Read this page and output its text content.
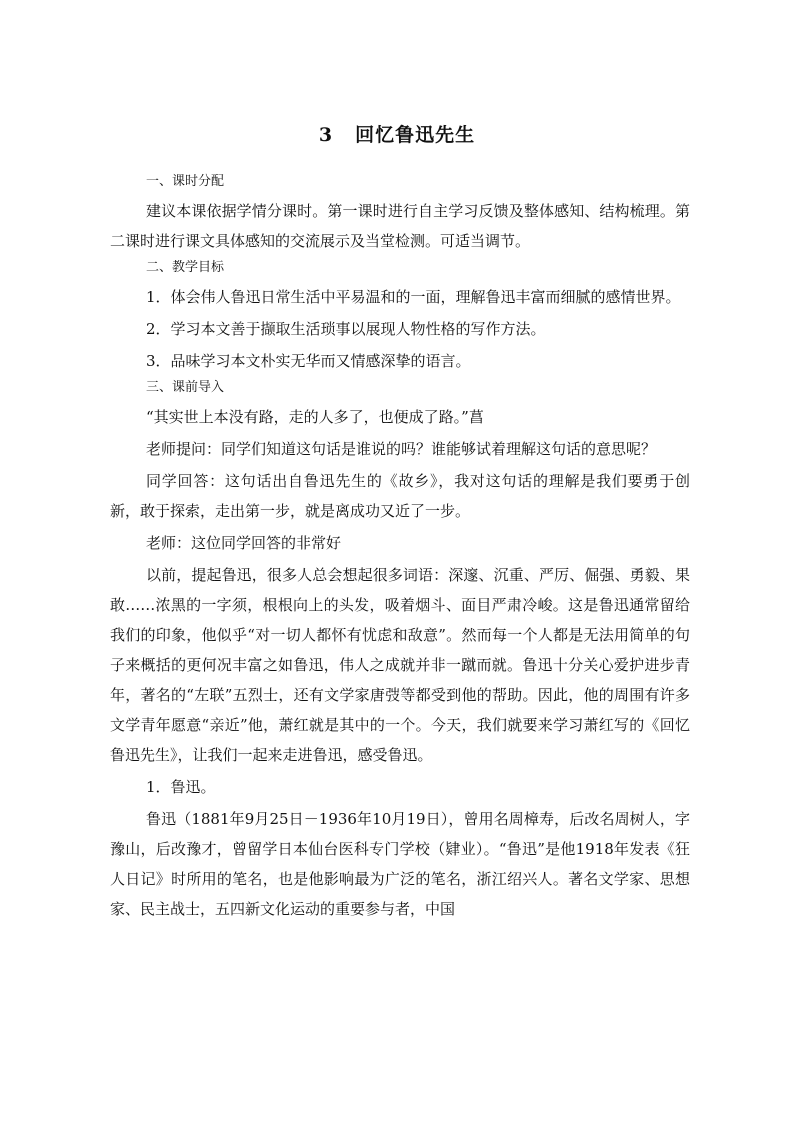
3 回忆鲁迅先生
一、课时分配

建议本课依据学情分课时。第一课时进行自主学习反馈及整体感知、结构梳理。第二课时进行课文具体感知的交流展示及当堂检测。可适当调节。

二、教学目标

1．体会伟人鲁迅日常生活中平易温和的一面，理解鲁迅丰富而细腻的感情世界。

2．学习本文善于撷取生活琐事以展现人物性格的写作方法。

3．品味学习本文朴实无华而又情感深挚的语言。

三、课前导入

“其实世上本没有路，走的人多了，也便成了路。”菖

老师提问：同学们知道这句话是谁说的吗？谁能够试着理解这句话的意思呢？

同学回答：这句话出自鲁迅先生的《故乡》，我对这句话的理解是我们要勇于创新，敢于探索，走出第一步，就是离成功又近了一步。

老师：这位同学回答的非常好

以前，提起鲁迅，很多人总会想起很多词语：深邃、沉重、严厉、倔强、勇毅、果敢……浓黑的一字须，根根向上的头发，吸着烟斗、面目严肃冷峻。这是鲁迅通常留给我们的印象，他似乎“对一切人都怀有忧虑和敌意”。然而每一个人都是无法用简单的句子来概括的更何况丰富之如鲁迅，伟人之成就并非一蹴而就。鲁迅十分关心爱护进步青年，著名的“左联”五烈士，还有文学家唐弢等都受到他的帮助。因此，他的周围有许多文学青年愿意“亲近”他，萧红就是其中的一个。今天，我们就要来学习萧红写的《回忆鲁迅先生》，让我们一起来走进鲁迅，感受鲁迅。

1．鲁迅。

鲁迅（1881年9月25日－1936年10月19日），曾用名周樟寿，后改名周树人，字豫山，后改豫才，曾留学日本仙台医科专门学校（肄业）。“鲁迅”是他1918年发表《狂人日记》时所用的笔名，也是他影响最为广泛的笔名，浙江绍兴人。著名文学家、思想家、民主战士，五四新文化运动的重要参与者，中国
